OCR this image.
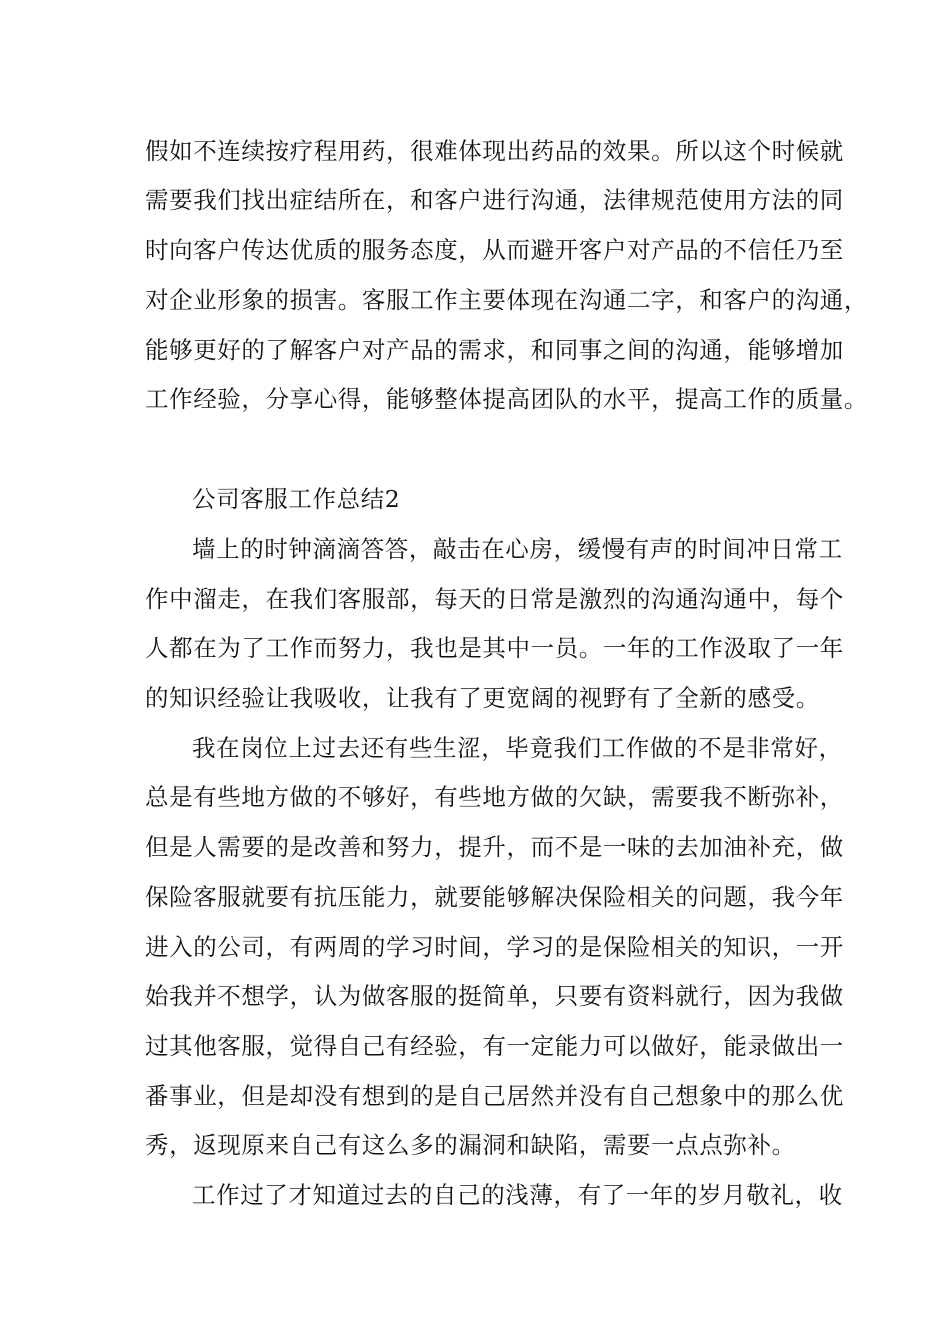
假如不连续按疗程用药，很难体现出药品的效果。所以这个时候就
需要我们找出症结所在，和客户进行沟通，法律规范使用方法的同
时向客户传达优质的服务态度，从而避开客户对产品的不信任乃至
对企业形象的损害。客服工作主要体现在沟通二字，和客户的沟通，
能够更好的了解客户对产品的需求，和同事之间的沟通，能够增加
工作经验，分享心得，能够整体提高团队的水平，提高工作的质量。
公司客服工作总结2
墙上的时钟滴滴答答，敲击在心房，缓慢有声的时间冲日常工
作中溜走，在我们客服部，每天的日常是激烈的沟通沟通中，每个
人都在为了工作而努力，我也是其中一员。一年的工作汲取了一年
的知识经验让我吸收，让我有了更宽阔的视野有了全新的感受。
我在岗位上过去还有些生涩，毕竟我们工作做的不是非常好，
总是有些地方做的不够好，有些地方做的欠缺，需要我不断弥补，
但是人需要的是改善和努力，提升，而不是一味的去加油补充，做
保险客服就要有抗压能力，就要能够解决保险相关的问题，我今年
进入的公司，有两周的学习时间，学习的是保险相关的知识，一开
始我并不想学，认为做客服的挺简单，只要有资料就行，因为我做
过其他客服，觉得自己有经验，有一定能力可以做好，能录做出一
番事业，但是却没有想到的是自己居然并没有自己想象中的那么优
秀，返现原来自己有这么多的漏洞和缺陷，需要一点点弥补。
工作过了才知道过去的自己的浅薄，有了一年的岁月敬礼，收
